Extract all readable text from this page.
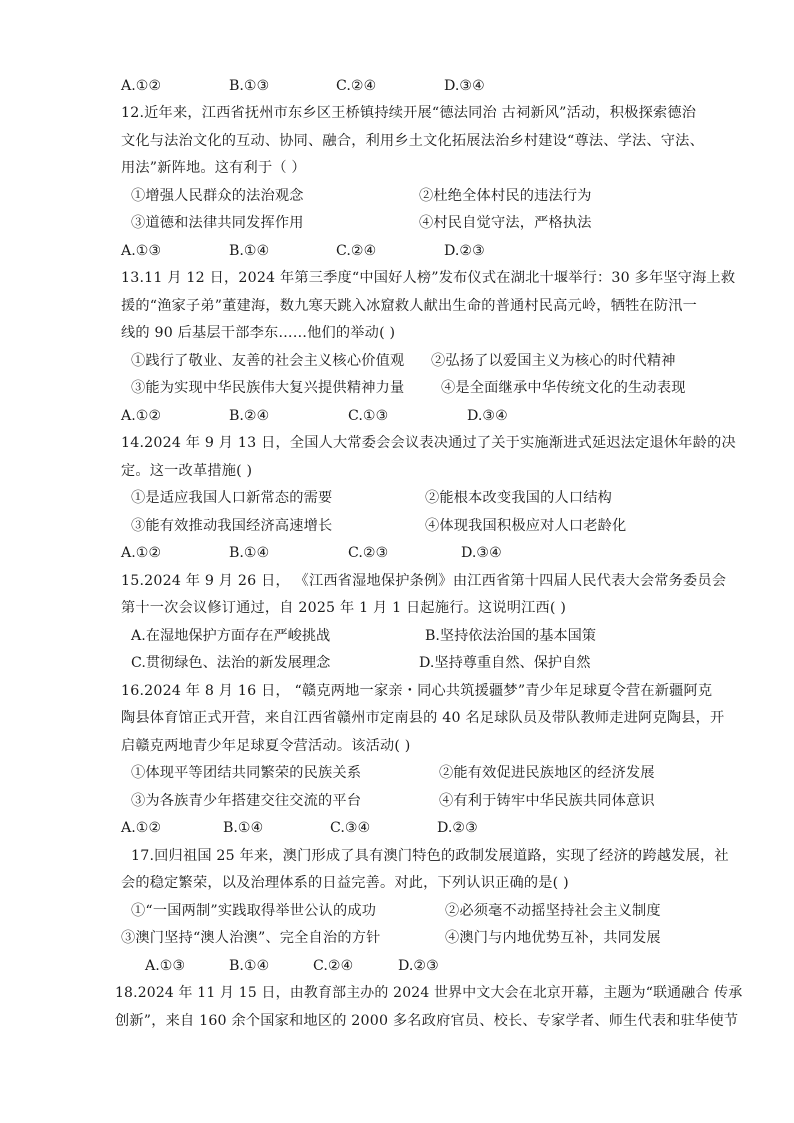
A.①②	B.①③	C.②④	D.③④
12.近年来，江西省抚州市东乡区王桥镇持续开展“德法同治 古祠新风”活动，积极探索德治
文化与法治文化的互动、协同、融合，利用乡土文化拓展法治乡村建设“尊法、学法、守法、
用法”新阵地。这有利于（ ）
①增强人民群众的法治观念	②杜绝全体村民的违法行为
③道德和法律共同发挥作用	④村民自觉守法，严格执法
A.①③	B.①④	C.②④	D.②③
13.11 月 12 日，2024 年第三季度“中国好人榜”发布仪式在湖北十堰举行：30 多年坚守海上救
援的“渔家子弟”董建海，数九寒天跳入冰窟救人献出生命的普通村民高元岭，牺牲在防汛一
线的 90 后基层干部李东……他们的举动( )
①践行了敬业、友善的社会主义核心价值观 ②弘扬了以爱国主义为核心的时代精神
③能为实现中华民族伟大复兴提供精神力量	④是全面继承中华传统文化的生动表现
A.①②	B.②④	C.①③	D.③④
14.2024 年 9 月 13 日，全国人大常委会会议表决通过了关于实施渐进式延迟法定退休年龄的决
定。这一改革措施( )
①是适应我国人口新常态的需要	②能根本改变我国的人口结构
③能有效推动我国经济高速增长	④体现我国积极应对人口老龄化
A.①②	B.①④	C.②③	D.③④
15.2024 年 9 月 26 日， 《江西省湿地保护条例》由江西省第十四届人民代表大会常务委员会
第十一次会议修订通过，自 2025 年 1 月 1 日起施行。这说明江西( )
A.在湿地保护方面存在严峻挑战	B.坚持依法治国的基本国策
C.贯彻绿色、法治的新发展理念	D.坚持尊重自然、保护自然
16.2024 年 8 月 16 日， “赣克两地一家亲・同心共筑援疆梦”青少年足球夏令营在新疆阿克
陶县体育馆正式开营，来自江西省赣州市定南县的 40 名足球队员及带队教师走进阿克陶县，开
启赣克两地青少年足球夏令营活动。该活动( )
①体现平等团结共同繁荣的民族关系	②能有效促进民族地区的经济发展
③为各族青少年搭建交往交流的平台	④有利于铸牢中华民族共同体意识
A.①②	B.①④	C.③④	D.②③
17.回归祖国 25 年来，澳门形成了具有澳门特色的政制发展道路，实现了经济的跨越发展，社
会的稳定繁荣，以及治理体系的日益完善。对此，下列认识正确的是( )
①“一国两制”实践取得举世公认的成功	②必须毫不动摇坚持社会主义制度
③澳门坚持“澳人治澳”、完全自治的方针	④澳门与内地优势互补，共同发展
A.①③	B.①④	C.②④	D.②③
18.2024 年 11 月 15 日，由教育部主办的 2024 世界中文大会在北京开幕，主题为“联通融合 传承
创新”，来自 160 余个国家和地区的 2000 多名政府官员、校长、专家学者、师生代表和驻华使节
